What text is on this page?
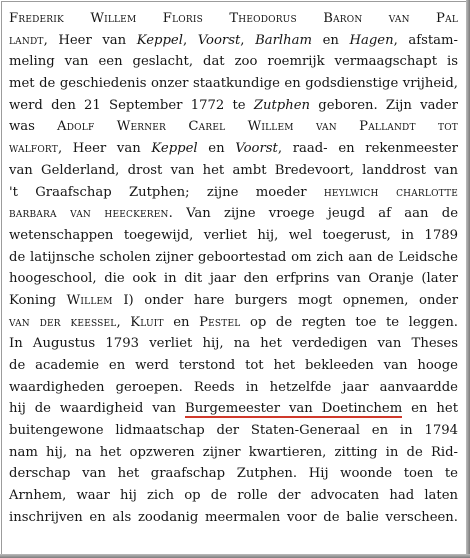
Frederik Willem Floris Theodorus Baron van Pal
landt, Heer van Keppel, Voorst, Barlham en Hagen, afstam-
meling van een geslacht, dat zoo roemrijk vermaagschapt is
met de geschiedenis onzer staatkundige en godsdienstige vrijheid,
werd den 21 September 1772 te Zutphen geboren. Zijn vader
was Adolf Werner Carel Willem van Pallandt tot
walfort, Heer van Keppel en Voorst, raad- en rekenmeester
van Gelderland, drost van het ambt Bredevoort, landdrost van
't Graafschap Zutphen; zijne moeder heylwich charlotte
barbara van heeckeren. Van zijne vroege jeugd af aan de
wetenschappen toegewijd, verliet hij, wel toegerust, in 1789
de latijnsche scholen zijner geboortestad om zich aan de Leidsche
hoogeschool, die ook in dit jaar den erfprins van Oranje (later
Koning Willem I) onder hare burgers mogt opnemen, onder
van der keessel, Kluit en Pestel op de regten toe te leggen.
In Augustus 1793 verliet hij, na het verdedigen van Theses
de academie en werd terstond tot het bekleeden van hooge
waardigheden geroepen. Reeds in hetzelfde jaar aanvaardde
hij de waardigheid van Burgemeester van Doetinchem en het
buitengewone lidmaatschap der Staten-Generaal en in 1794
nam hij, na het opzweren zijner kwartieren, zitting in de Rid-
derschap van het graafschap Zutphen. Hij woonde toen te
Arnhem, waar hij zich op de rolle der advocaten had laten
inschrijven en als zoodanig meermalen voor de balie verscheen.
